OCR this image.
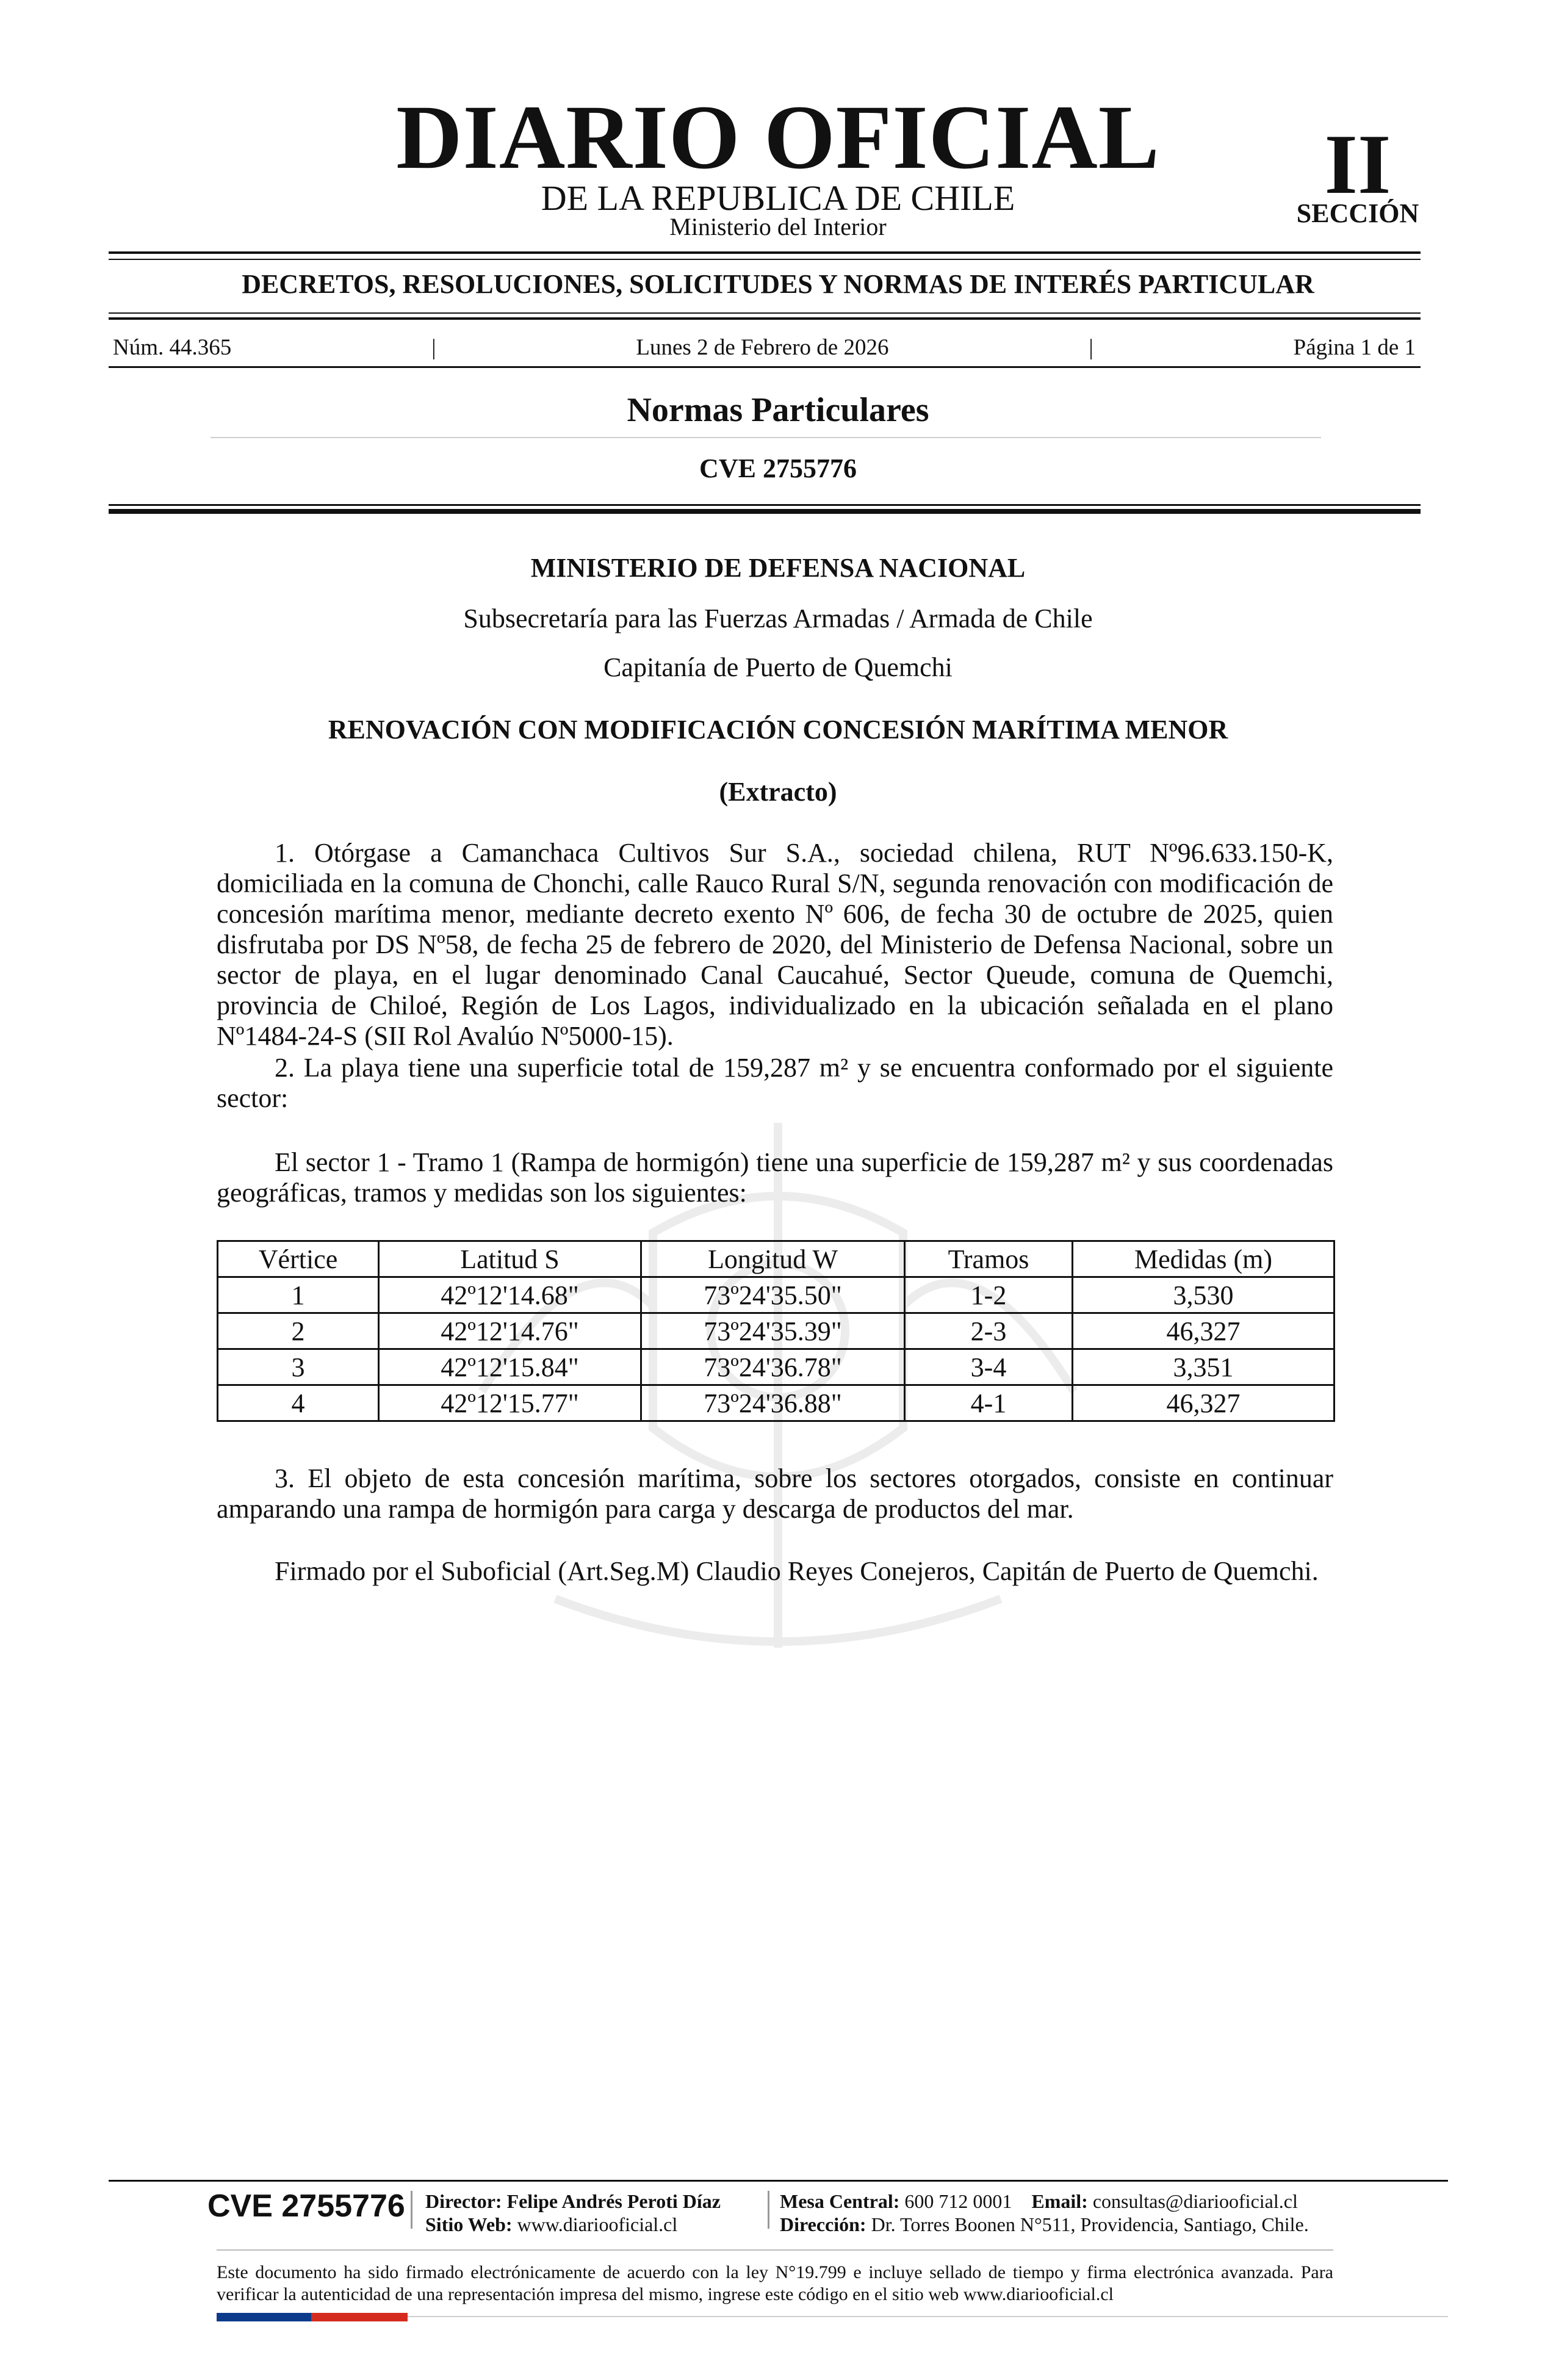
DIARIO OFICIAL
DE LA REPUBLICA DE CHILE
Ministerio del Interior
II
SECCIÓN
DECRETOS, RESOLUCIONES, SOLICITUDES Y NORMAS DE INTERÉS PARTICULAR
Núm. 44.365	|	Lunes 2 de Febrero de 2026	|	Página 1 de 1
Normas Particulares
CVE 2755776
MINISTERIO DE DEFENSA NACIONAL
Subsecretaría para las Fuerzas Armadas / Armada de Chile
Capitanía de Puerto de Quemchi
RENOVACIÓN CON MODIFICACIÓN CONCESIÓN MARÍTIMA MENOR
(Extracto)
1. Otórgase a Camanchaca Cultivos Sur S.A., sociedad chilena, RUT Nº96.633.150-K, domiciliada en la comuna de Chonchi, calle Rauco Rural S/N, segunda renovación con modificación de concesión marítima menor, mediante decreto exento Nº 606, de fecha 30 de octubre de 2025, quien disfrutaba por DS Nº58, de fecha 25 de febrero de 2020, del Ministerio de Defensa Nacional, sobre un sector de playa, en el lugar denominado Canal Caucahué, Sector Queude, comuna de Quemchi, provincia de Chiloé, Región de Los Lagos, individualizado en la ubicación señalada en el plano Nº1484-24-S (SII Rol Avalúo Nº5000-15).
2. La playa tiene una superficie total de 159,287 m² y se encuentra conformado por el siguiente sector:
El sector 1 - Tramo 1 (Rampa de hormigón) tiene una superficie de 159,287 m² y sus coordenadas geográficas, tramos y medidas son los siguientes:
Vértice	Latitud S	Longitud W	Tramos	Medidas (m)
1	42º12'14.68"	73º24'35.50"	1-2	3,530
2	42º12'14.76"	73º24'35.39"	2-3	46,327
3	42º12'15.84"	73º24'36.78"	3-4	3,351
4	42º12'15.77"	73º24'36.88"	4-1	46,327
3. El objeto de esta concesión marítima, sobre los sectores otorgados, consiste en continuar amparando una rampa de hormigón para carga y descarga de productos del mar.
Firmado por el Suboficial (Art.Seg.M) Claudio Reyes Conejeros, Capitán de Puerto de Quemchi.
CVE 2755776 Director: Felipe Andrés Peroti Díaz
Sitio Web: www.diariooficial.cl
Mesa Central: 600 712 0001 Email: consultas@diariooficial.cl
Dirección: Dr. Torres Boonen N°511, Providencia, Santiago, Chile.
Este documento ha sido firmado electrónicamente de acuerdo con la ley N°19.799 e incluye sellado de tiempo y firma electrónica avanzada. Para verificar la autenticidad de una representación impresa del mismo, ingrese este código en el sitio web www.diariooficial.cl
